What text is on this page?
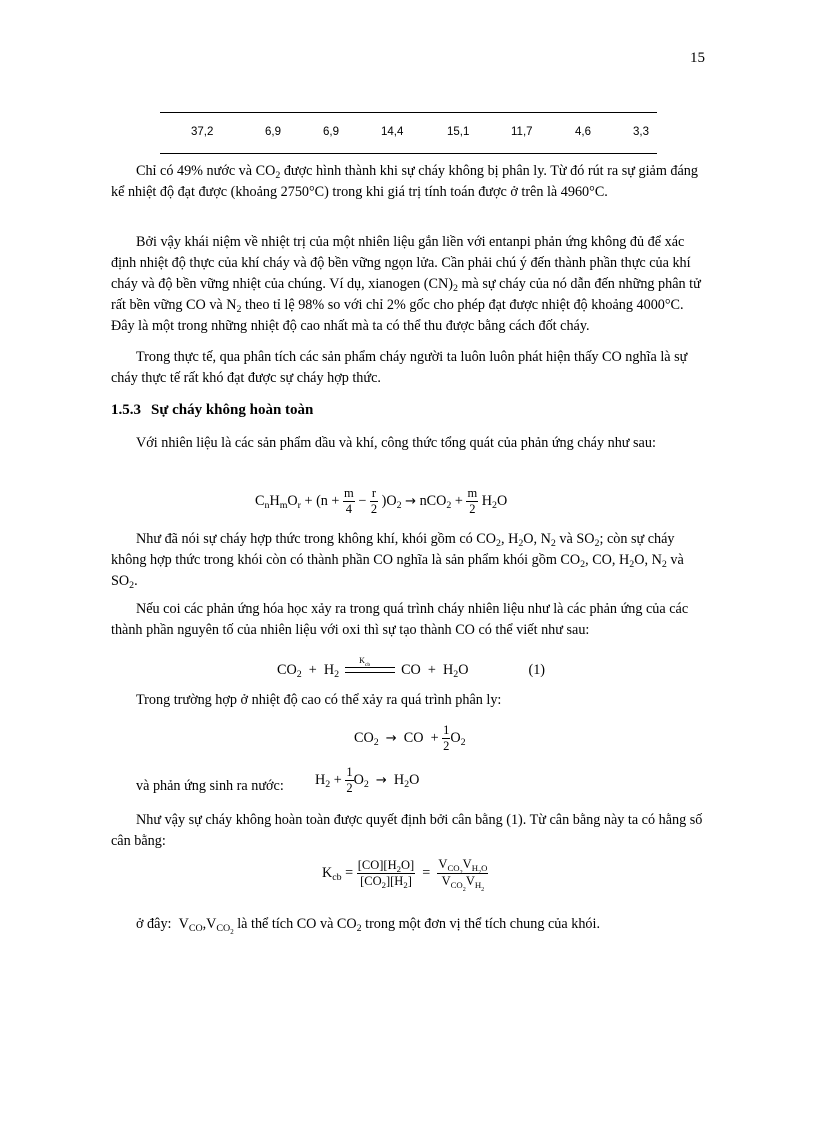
15
37,2	6,9	6,9	14,4	15,1	11,7	4,6	3,3

Chỉ có 49% nước và $CO_2$ được hình thành khi sự cháy không bị phân ly. Từ đó rút ra sự giảm đáng kể nhiệt độ đạt được (khoảng 2750°C) trong khi giá trị tính toán được ở trên là 4960°C.

Bởi vậy khái niệm về nhiệt trị của một nhiên liệu gắn liền với entanpi phản ứng không đủ để xác định nhiệt độ thực của khí cháy và độ bền vững ngọn lửa. Cần phải chú ý đến thành phần thực của khí cháy và độ bền vững nhiệt của chúng. Ví dụ, xianogen $(CN)_2$ mà sự cháy của nó dẫn đến những phân tử rất bền vững CO và $N_2$ theo tỉ lệ 98% so với chỉ 2% gốc cho phép đạt được nhiệt độ khoảng 4000°C. Đây là một trong những nhiệt độ cao nhất mà ta có thể thu được bằng cách đốt cháy.

Trong thực tế, qua phân tích các sản phẩm cháy người ta luôn luôn phát hiện thấy CO nghĩa là sự cháy thực tế rất khó đạt được sự cháy hợp thức.

1.5.3 Sự cháy không hoàn toàn

Với nhiên liệu là các sản phẩm dầu và khí, công thức tổng quát của phản ứng cháy như sau:

$C_nH_mO_r + (n + \frac{m}{4} - \frac{r}{2} )O_2 \to nCO_2 + \frac{m}{2} H_2O$

Như đã nói sự cháy hợp thức trong không khí, khói gồm có $CO_2$, $H_2O$, $N_2$ và $SO_2$; còn sự cháy không hợp thức trong khói còn có thành phần CO nghĩa là sản phẩm khói gồm $CO_2$, CO, $H_2O$, $N_2$ và $SO_2$.

Nếu coi các phản ứng hóa học xảy ra trong quá trình cháy nhiên liệu như là các phản ứng của các thành phần nguyên tố của nhiên liệu với oxi thì sự tạo thành CO có thể viết như sau:

$CO_2 + H_2$
$K_{cb}$ CO  +  $H_2O$	(1)

Trong trường hợp ở nhiệt độ cao có thể xảy ra quá trình phân ly:

$CO_2$ →  CO  + $\frac{1}{2} O_2$

và phản ứng sinh ra nước:	$H_2 + \frac{1}{2} O_2 \to H_2O$

Như vậy sự cháy không hoàn toàn được quyết định bởi cân bằng (1). Từ cân bằng này ta có hằng số cân bằng:

$K_{cb} = \frac{[CO][H_2O]}{[CO_2][H_2]} = \frac{V_{CO_2}V_{H_2O}}{V_{CO_2}V_{H_2}}$

ở đây:  $V_{CO},V_{CO_2}$ là thể tích CO và $CO_2$ trong một đơn vị thể tích chung của khói.
